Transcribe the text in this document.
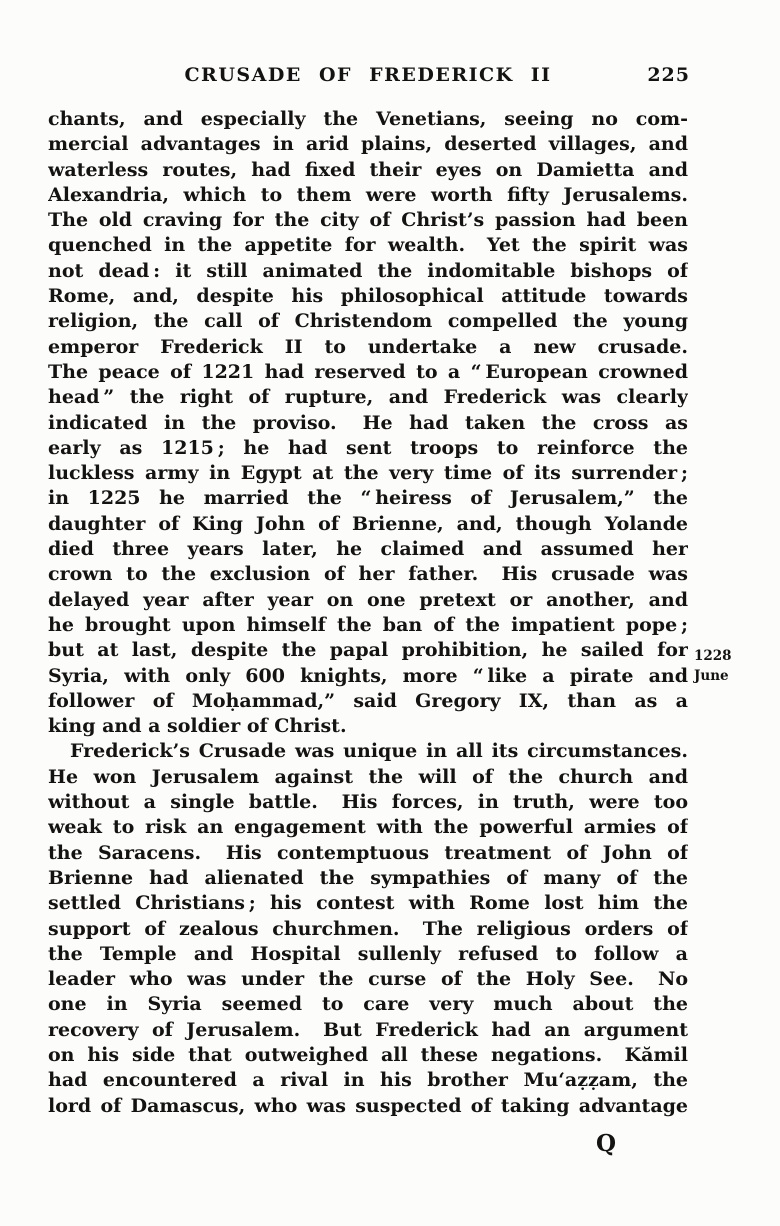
CRUSADE OF FREDERICK II	225
chants, and especially the Venetians, seeing no com-
mercial advantages in arid plains, deserted villages, and
waterless routes, had fixed their eyes on Damietta and
Alexandria, which to them were worth fifty Jerusalems.
The old craving for the city of Christ’s passion had been
quenched in the appetite for wealth.  Yet the spirit was
not dead : it still animated the indomitable bishops of
Rome, and, despite his philosophical attitude towards
religion, the call of Christendom compelled the young
emperor Frederick II to undertake a new crusade.
The peace of 1221 had reserved to a “ European crowned
head ” the right of rupture, and Frederick was clearly
indicated in the proviso.  He had taken the cross as
early as 1215 ; he had sent troops to reinforce the
luckless army in Egypt at the very time of its surrender ;
in 1225 he married the “ heiress of Jerusalem,” the
daughter of King John of Brienne, and, though Yolande
died three years later, he claimed and assumed her
crown to the exclusion of her father.  His crusade was
delayed year after year on one pretext or another, and
he brought upon himself the ban of the impatient pope ;
but at last, despite the papal prohibition, he sailed for
Syria, with only 600 knights, more “ like a pirate and
follower of Moḥammad,” said Gregory IX, than as a
king and a soldier of Christ.
Frederick’s Crusade was unique in all its circumstances.
He won Jerusalem against the will of the church and
without a single battle.  His forces, in truth, were too
weak to risk an engagement with the powerful armies of
the Saracens.  His contemptuous treatment of John of
Brienne had alienated the sympathies of many of the
settled Christians ; his contest with Rome lost him the
support of zealous churchmen.  The religious orders of
the Temple and Hospital sullenly refused to follow a
leader who was under the curse of the Holy See.  No
one in Syria seemed to care very much about the
recovery of Jerusalem.  But Frederick had an argument
on his side that outweighed all these negations.  Kămil
had encountered a rival in his brother Mu‘aẓẓam, the
lord of Damascus, who was suspected of taking advantage
1228
June
Q
